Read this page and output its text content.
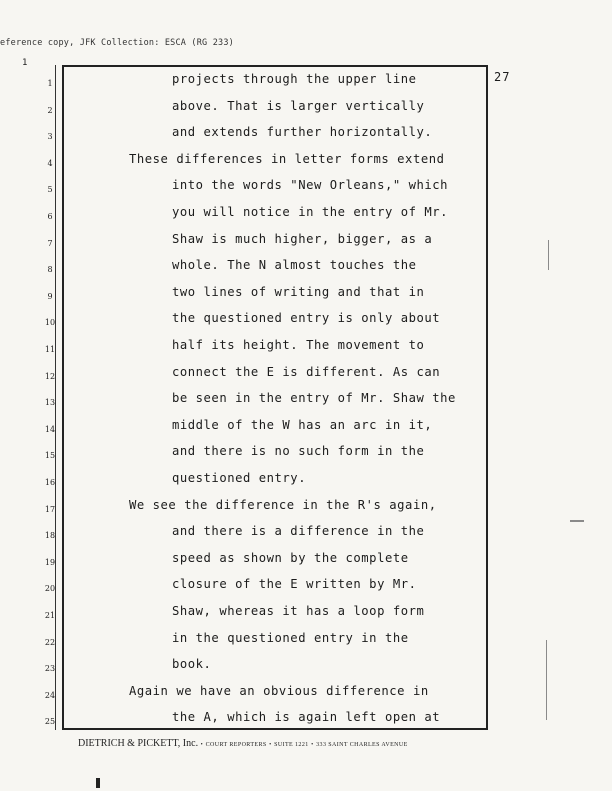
eference copy, JFK Collection: ESCA (RG 233)
1
27
1	projects through the upper line
2	above. That is larger vertically
3	and extends further horizontally.
4	These differences in letter forms extend
5	into the words "New Orleans," which
6	you will notice in the entry of Mr.
7	Shaw is much higher, bigger, as a
8	whole. The N almost touches the
9	two lines of writing and that in
10	the questioned entry is only about
11	half its height. The movement to
12	connect the E is different. As can
13	be seen in the entry of Mr. Shaw the
14	middle of the W has an arc in it,
15	and there is no such form in the
16	questioned entry.
17	We see the difference in the R's again,
18	and there is a difference in the
19	speed as shown by the complete
20	closure of the E written by Mr.
21	Shaw, whereas it has a loop form
22	in the questioned entry in the
23	book.
24	Again we have an obvious difference in
25	the A, which is again left open at
DIETRICH & PICKETT, Inc. • COURT REPORTERS • SUITE 1221 • 333 SAINT CHARLES AVENUE
